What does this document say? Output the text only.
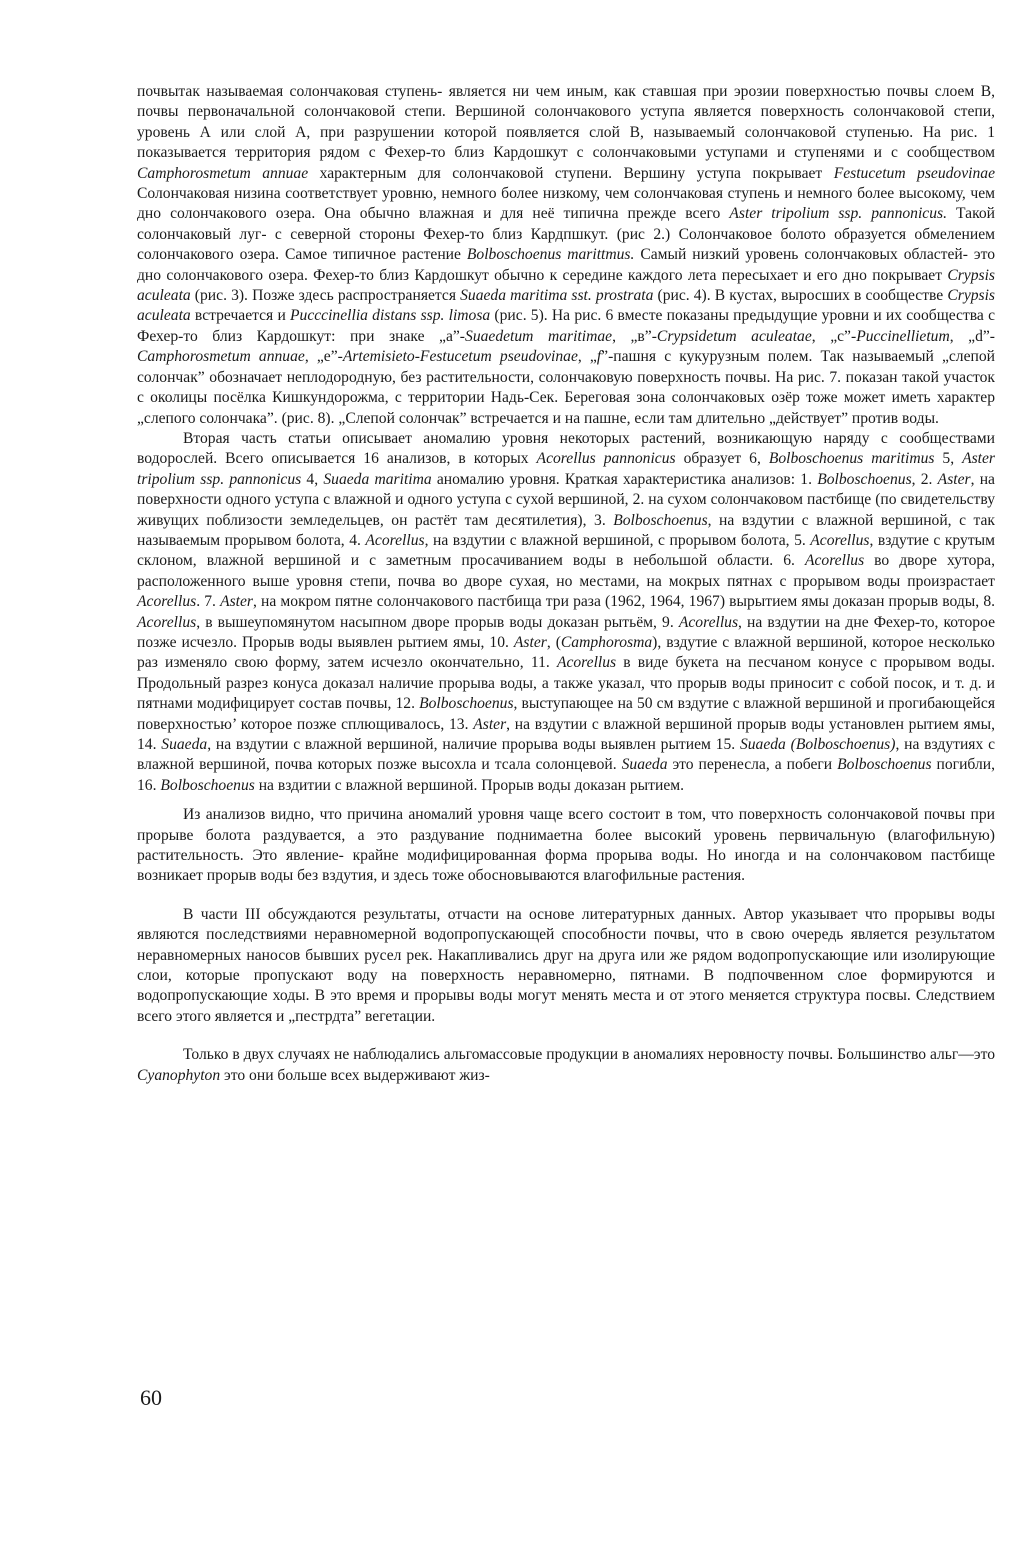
почвытак называемая солончаковая ступень- является ни чем иным, как ставшая при эрозии поверхностью почвы слоем В, почвы первоначальной солончаковой степи. Вершиной солончакового уступа является поверхность солончаковой степи, уровень А или слой А, при разрушении которой появляется слой В, называемый солончаковой ступенью. На рис. 1 показывается территория рядом с Фехер-то близ Кардошкут с солончаковыми уступами и ступенями и с сообществом Camphorosmetum annuae характерным для солончаковой ступени. Вершину уступа покрывает Festucetum pseudovinae Солончаковая низина соответствует уровню, немного более низкому, чем солончаковая ступень и немного более высокому, чем дно солончакового озера. Она обычно влажная и для неё типична прежде всего Aster tripolium ssp. pannonicus. Такой солончаковый луг- с северной стороны Фехер-то близ Кардпшкут. (рис 2.) Солончаковое болото образуется обмелением солончакового озера. Самое типичное растение Bolboschoenus marittmus. Самый низкий уровень солончаковых областей- это дно солончакового озера. Фехер-то близ Кардошкут обычно к середине каждого лета пересыхает и его дно покрывает Crypsis aculeata (рис. 3). Позже здесь распространяется Suaeda maritima sst. prostrata (рис. 4). В кустах, выросших в сообществе Crypsis aculeata встречается и Pucccinellia distans ssp. limosa (рис. 5). На рис. 6 вместе показаны предыдущие уровни и их сообщества с Фехер-то близ Кардошкут: при знаке „a”-Suaedetum maritimae, „в”-Crypsidetum aculeatae, „c”-Puccinellietum, „d”-Camphorosmetum annuae, „e”-Artemisieto-Festucetum pseudovinae, „f”-пашня с кукурузным полем. Так называемый „слепой солончак” обозначает неплодородную, без растительности, солончаковую поверхность почвы. На рис. 7. показан такой участок с околицы посёлка Кишкундорожма, с территории Надь-Сек. Береговая зона солончаковых озёр тоже может иметь характер „слепого солончака”. (рис. 8). „Слепой солончак” встречается и на пашне, если там длительно „действует” против воды.

Вторая часть статьи описывает аномалию уровня некоторых растений, возникающую наряду с сообществами водорослей. Всего описывается 16 анализов, в которых Acorellus pannonicus образует 6, Bolboschoenus maritimus 5, Aster tripolium ssp. pannonicus 4, Suaeda maritima аномалию уровня. Краткая характеристика анализов: 1. Bolboschoenus, 2. Aster, на поверхности одного уступа с влажной и одного уступа с сухой вершиной, 2. на сухом солончаковом пастбище (по свидетельству живущих поблизости земледельцев, он растёт там десятилетия), 3. Bolboschoenus, на вздутии с влажной вершиной, с так называемым прорывом болота, 4. Acorellus, на вздутии с влажной вершиной, с прорывом болота, 5. Acorellus, вздутие с крутым склоном, влажной вершиной и с заметным просачиванием воды в небольшой области. 6. Acorellus во дворе хутора, расположенного выше уровня степи, почва во дворе сухая, но местами, на мокрых пятнах с прорывом воды произрастает Acorellus. 7. Aster, на мокром пятне солончакового пастбища три раза (1962, 1964, 1967) вырытием ямы доказан прорыв воды, 8. Acorellus, в вышеупомянутом насыпном дворе прорыв воды доказан рытьём, 9. Acorellus, на вздутии на дне Фехер-то, которое позже исчезло. Прорыв воды выявлен рытием ямы, 10. Aster, (Camphorosma), вздутие с влажной вершиной, которое несколько раз изменяло свою форму, затем исчезло окончательно, 11. Acorellus в виде букета на песчаном конусе с прорывом воды. Продольный разрез конуса доказал наличие прорыва воды, а также указал, что прорыв воды приносит с собой посок, и т. д. и пятнами модифицирует состав почвы, 12. Bolboschoenus, выступающее на 50 см вздутие с влажной вершиной и прогибающейся поверхностью’ которое позже сплющивалось, 13. Aster, на вздутии с влажной вершиной прорыв воды установлен рытием ямы, 14. Suaeda, на вздутии с влажной вершиной, наличие прорыва воды выявлен рытием 15. Suaeda (Bolboschoenus), на вздутиях с влажной вершиной, почва которых позже высохла и тсала солонцевой. Suaeda это перенесла, а побеги Bolboschoenus погибли, 16. Bolboschoenus на вздитии с влажной вершиной. Прорыв воды доказан рытием.

Из анализов видно, что причина аномалий уровня чаще всего состоит в том, что поверхность солончаковой почвы при прорыве болота раздувается, а это раздувание поднимаетна более высокий уровень первичальную (влагофильную) растительность. Это явление- крайне модифицированная форма прорыва воды. Но иногда и на солончаковом пастбище возникает прорыв воды без вздутия, и здесь тоже обосновываются влагофильные растения.

В части III обсуждаются результаты, отчасти на основе литературных данных. Автор указывает что прорывы воды являются последствиями неравномерной водопропускающей способности почвы, что в свою очередь является результатом неравномерных наносов бывших русел рек. Накапливались друг на друга или же рядом водопропускающие или изолирующие слои, которые пропускают воду на поверхность неравномерно, пятнами. В подпочвенном слое формируются и водопропускающие ходы. В это время и прорывы воды могут менять места и от этого меняется структура посвы. Следствием всего этого является и „пестрдта” вегетации.

Только в двух случаях не наблюдались альгомассовые продукции в аномалиях неровносту почвы. Большинство альг—это Cyanophyton это они больше всех выдерживают жиз-

60
